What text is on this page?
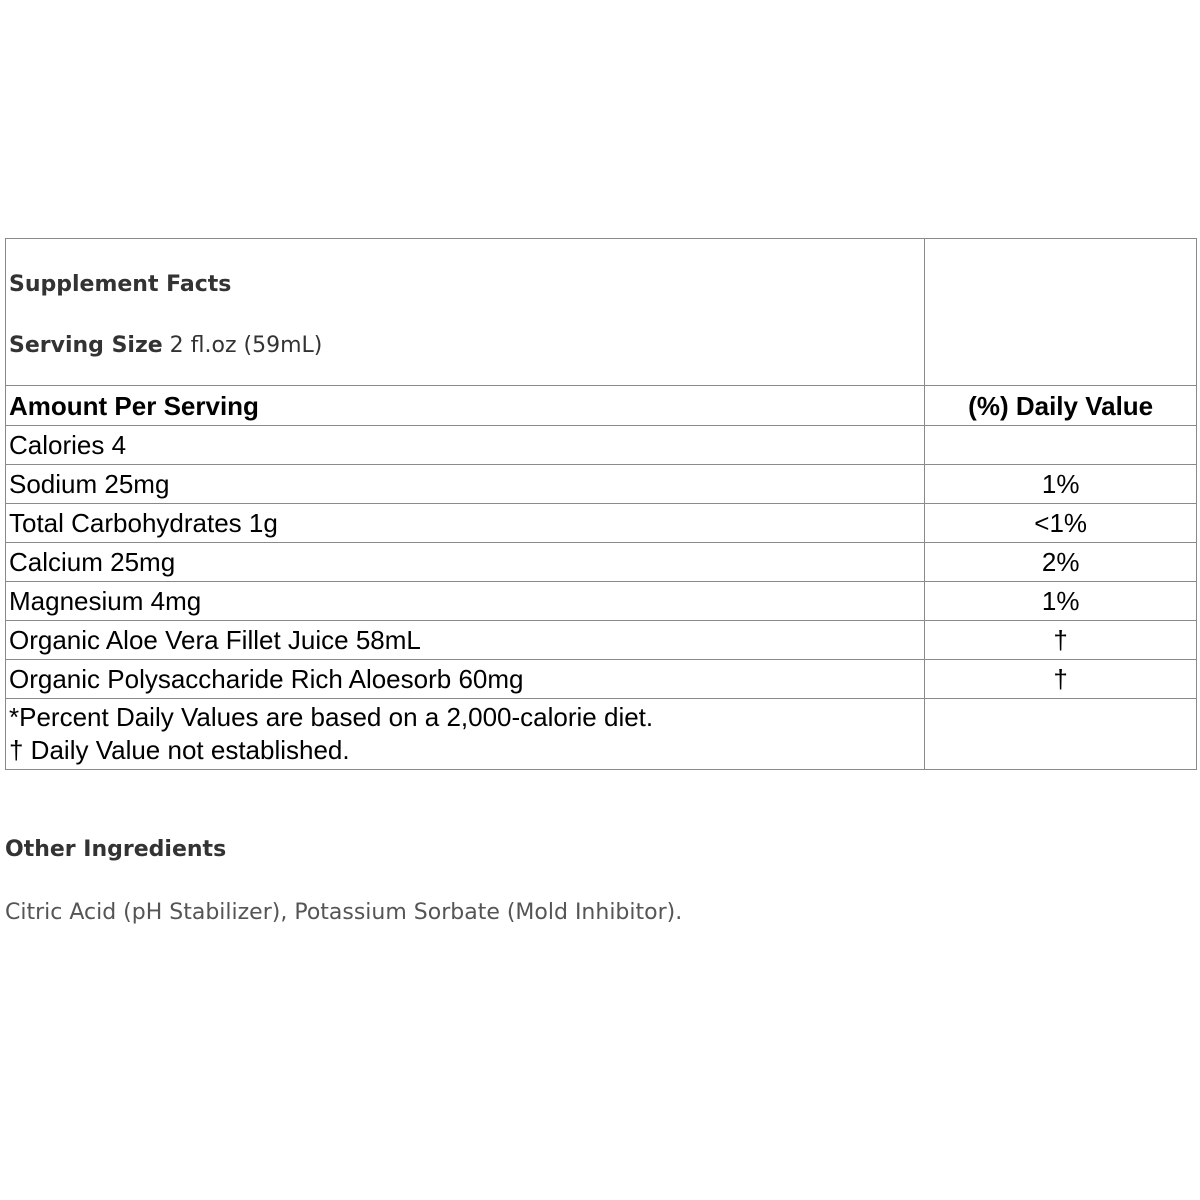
Supplement Facts
Serving Size 2 fl.oz (59mL)	

Amount Per Serving	(%) Daily Value
Calories 4	
Sodium 25mg	1%
Total Carbohydrates 1g	<1%
Calcium 25mg	2%
Magnesium 4mg	1%
Organic Aloe Vera Fillet Juice 58mL	†
Organic Polysaccharide Rich Aloesorb 60mg	†

*Percent Daily Values are based on a 2,000-calorie diet.
† Daily Value not established.	

Other Ingredients

Citric Acid (pH Stabilizer), Potassium Sorbate (Mold Inhibitor).
